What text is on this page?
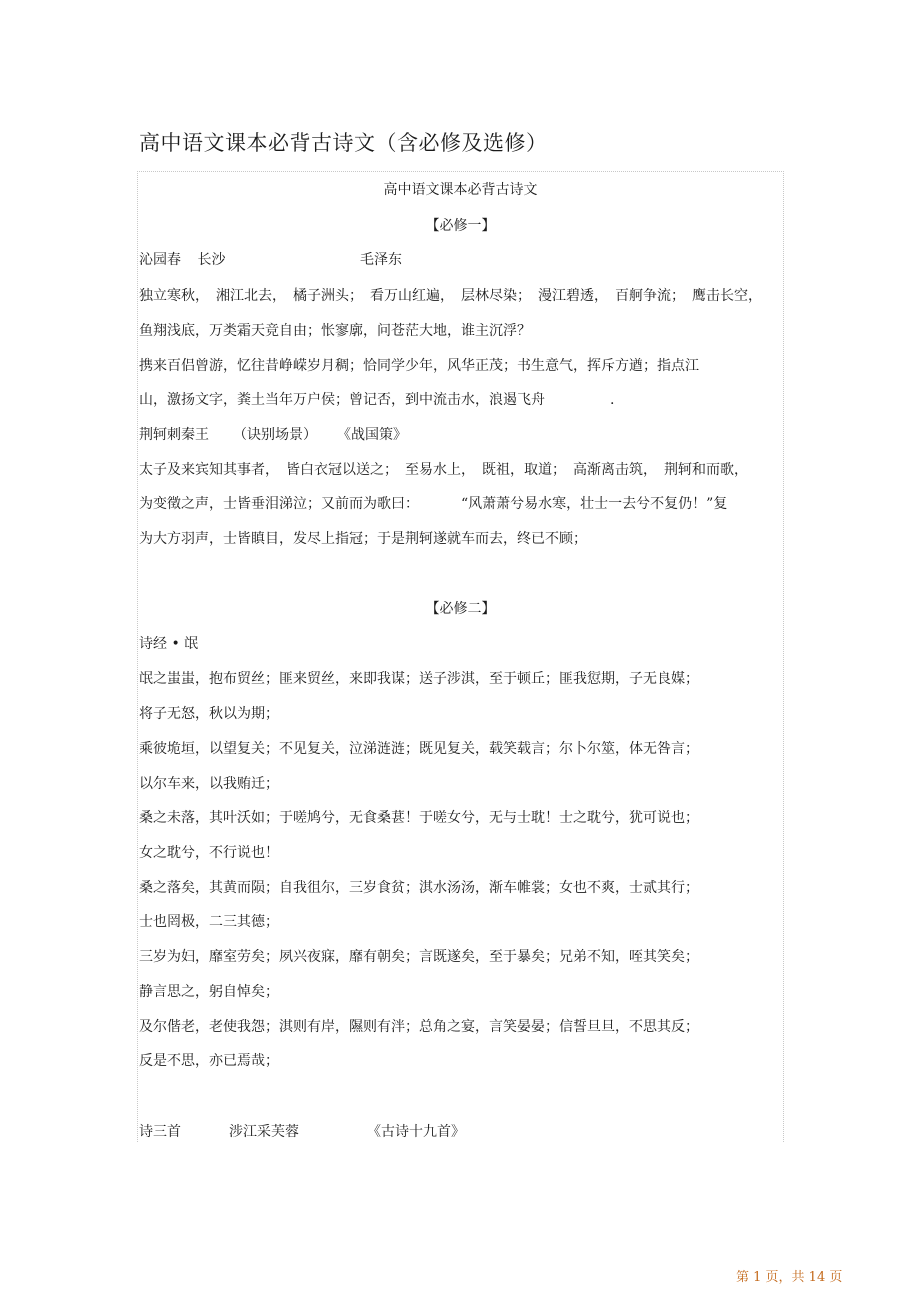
高中语文课本必背古诗文（含必修及选修）
高中语文课本必背古诗文
【必修一】
沁园春 长沙	毛泽东
独立寒秋，　湘江北去，　橘子洲头；　看万山红遍，　层林尽染；　漫江碧透，　百舸争流；　鹰击长空，
鱼翔浅底，万类霜天竞自由；怅寥廓，问苍茫大地，谁主沉浮？
携来百侣曾游，忆往昔峥嵘岁月稠；恰同学少年，风华正茂；书生意气，挥斥方遒；指点江
山，激扬文字，粪土当年万户侯；曾记否，到中流击水，浪遏飞舟	.
荆轲刺秦王 （诀别场景） 《战国策》
太子及来宾知其事者，　皆白衣冠以送之；　至易水上，　既祖，取道；　高渐离击筑，　荆轲和而歌，
为变徵之声，士皆垂泪涕泣；又前而为歌曰：	“风萧萧兮易水寒，壮士一去兮不复仍！”复
为大方羽声，士皆瞋目，发尽上指冠；于是荆轲遂就车而去，终已不顾；
【必修二】
诗经 • 氓
氓之蚩蚩，抱布贸丝；匪来贸丝，来即我谋；送子涉淇，至于顿丘；匪我愆期，子无良媒；
将子无怒，秋以为期；
乘彼垝垣，以望复关；不见复关，泣涕涟涟；既见复关，载笑载言；尔卜尔筮，体无咎言；
以尔车来，以我贿迁；
桑之未落，其叶沃如；于嗟鸠兮，无食桑葚！于嗟女兮，无与士耽！士之耽兮，犹可说也；
女之耽兮，不行说也！
桑之落矣，其黄而陨；自我徂尔，三岁食贫；淇水汤汤，渐车帷裳；女也不爽，士贰其行；
士也罔极，二三其德；
三岁为妇，靡室劳矣；夙兴夜寐，靡有朝矣；言既遂矣，至于暴矣；兄弟不知，咥其笑矣；
静言思之，躬自悼矣；
及尔偕老，老使我怨；淇则有岸，隰则有泮；总角之宴，言笑晏晏；信誓旦旦，不思其反；
反是不思，亦已焉哉；
诗三首	涉江采芙蓉	《古诗十九首》
第 1 页，共 14 页
